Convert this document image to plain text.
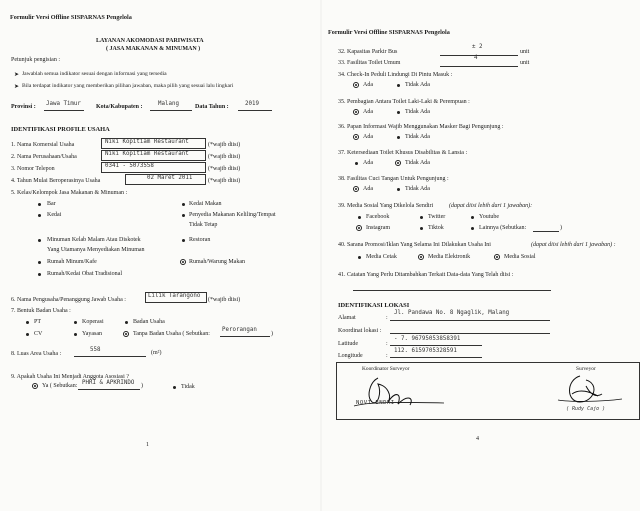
Formulir Versi Offline SISPARNAS Pengelola
LAYANAN AKOMODASI PARIWISATA
( JASA MAKANAN & MINUMAN )
Petunjuk pengisian :
➤ Jawablah semua indikator sesuai dengan informasi yang tersedia
➤ Bila terdapat indikator yang memberikan pilihan jawaban, maka pilih yang sesuai lalu lingkari
Provinsi : Jawa Timur	Kota/Kabupaten :	Malang	Data Tahun :	2019
IDENTIFIKASI PROFILE USAHA
1. Nama Komersial Usaha	Niki Kopitiam Restaurant	(*wajib diisi)
2. Nama Perusahaan/Usaha	Niki Kopitiam Restaurant	(*wajib diisi)
3. Nomor Telepon	0341 - 5073558	(*wajib diisi)
4. Tahun Mulai Beroperasinya Usaha	02 Maret 2011	(*wajib diisi)
5. Kelas/Kelompok Jasa Makanan & Minuman :
Bar	Kedai Makan
Kedai	Penyedia Makanan Keliling/Tempat
Tidak Tetap
Minuman Kelab Malam Atau Diskotek
Yang Utamanya Menyediakan Minuman
Restoran
Rumah Minum/Kafe	Rumah/Warung Makan
Rumah/Kedai Obat Tradisional
6. Nama Pengusaha/Penanggung Jawab Usaha :
Lilik Tarangono
(*wajib diisi)
7. Bentuk Badan Usaha :
PT	Koperasi	Badan Usaha
CV	Yayasan	Tanpa Badan Usaha ( Sebutkan:
Perorangan
)
8. Luas Area Usaha :
558	(m²)
9. Apakah Usaha Ini Menjadi Anggota Asosiasi ?
Ya ( Sebutkan: PHRI & APKRINDO )	Tidak
1
Formulir Versi Offline SISPARNAS Pengelola
32. Kapasitas Parkir Bus
± 2
unit
33. Fasilitas Toilet Umum
4
unit
34. Check-In Peduli Lindungi Di Pintu Masuk :
Ada	Tidak Ada
35. Pembagian Antara Toilet Laki-Laki & Perempuan :
Ada	Tidak Ada
36. Papan Informasi Wajib Menggunakan Masker Bagi Pengunjung :
Ada	Tidak Ada
37. Ketersediaan Toilet Khusus Disabilitas & Lansia :
Ada	Tidak Ada
38. Fasilitas Cuci Tangan Untuk Pengunjung :
Ada	Tidak Ada
39. Media Sosial Yang Dikelola Sendiri	(dapat diisi lebih dari 1 jawaban):
Facebook	Twitter	Youtube
Instagram	Tiktok	Lainnya (Sebutkan:	)
40. Sarana Promosi/Iklan Yang Selama Ini Dilakukan Usaha Ini	(dapat diisi lebih dari 1 jawaban) :
Media Cetak	Media Elektronik	Media Sosial
41. Catatan Yang Perlu Ditambahkan Terkait Data-data Yang Telah diisi :
IDENTIFIKASI LOKASI
Alamat	:
Jl. Pandawa No. 8 Ngaglik, Malang
Koordinat lokasi :
Latitude	:
- 7. 96795053858391
Longitude	:
112. 6159705328591
Koordinator Surveyor	Surveyor
NOVI ENDRI
( Rudy Cajo )
4
